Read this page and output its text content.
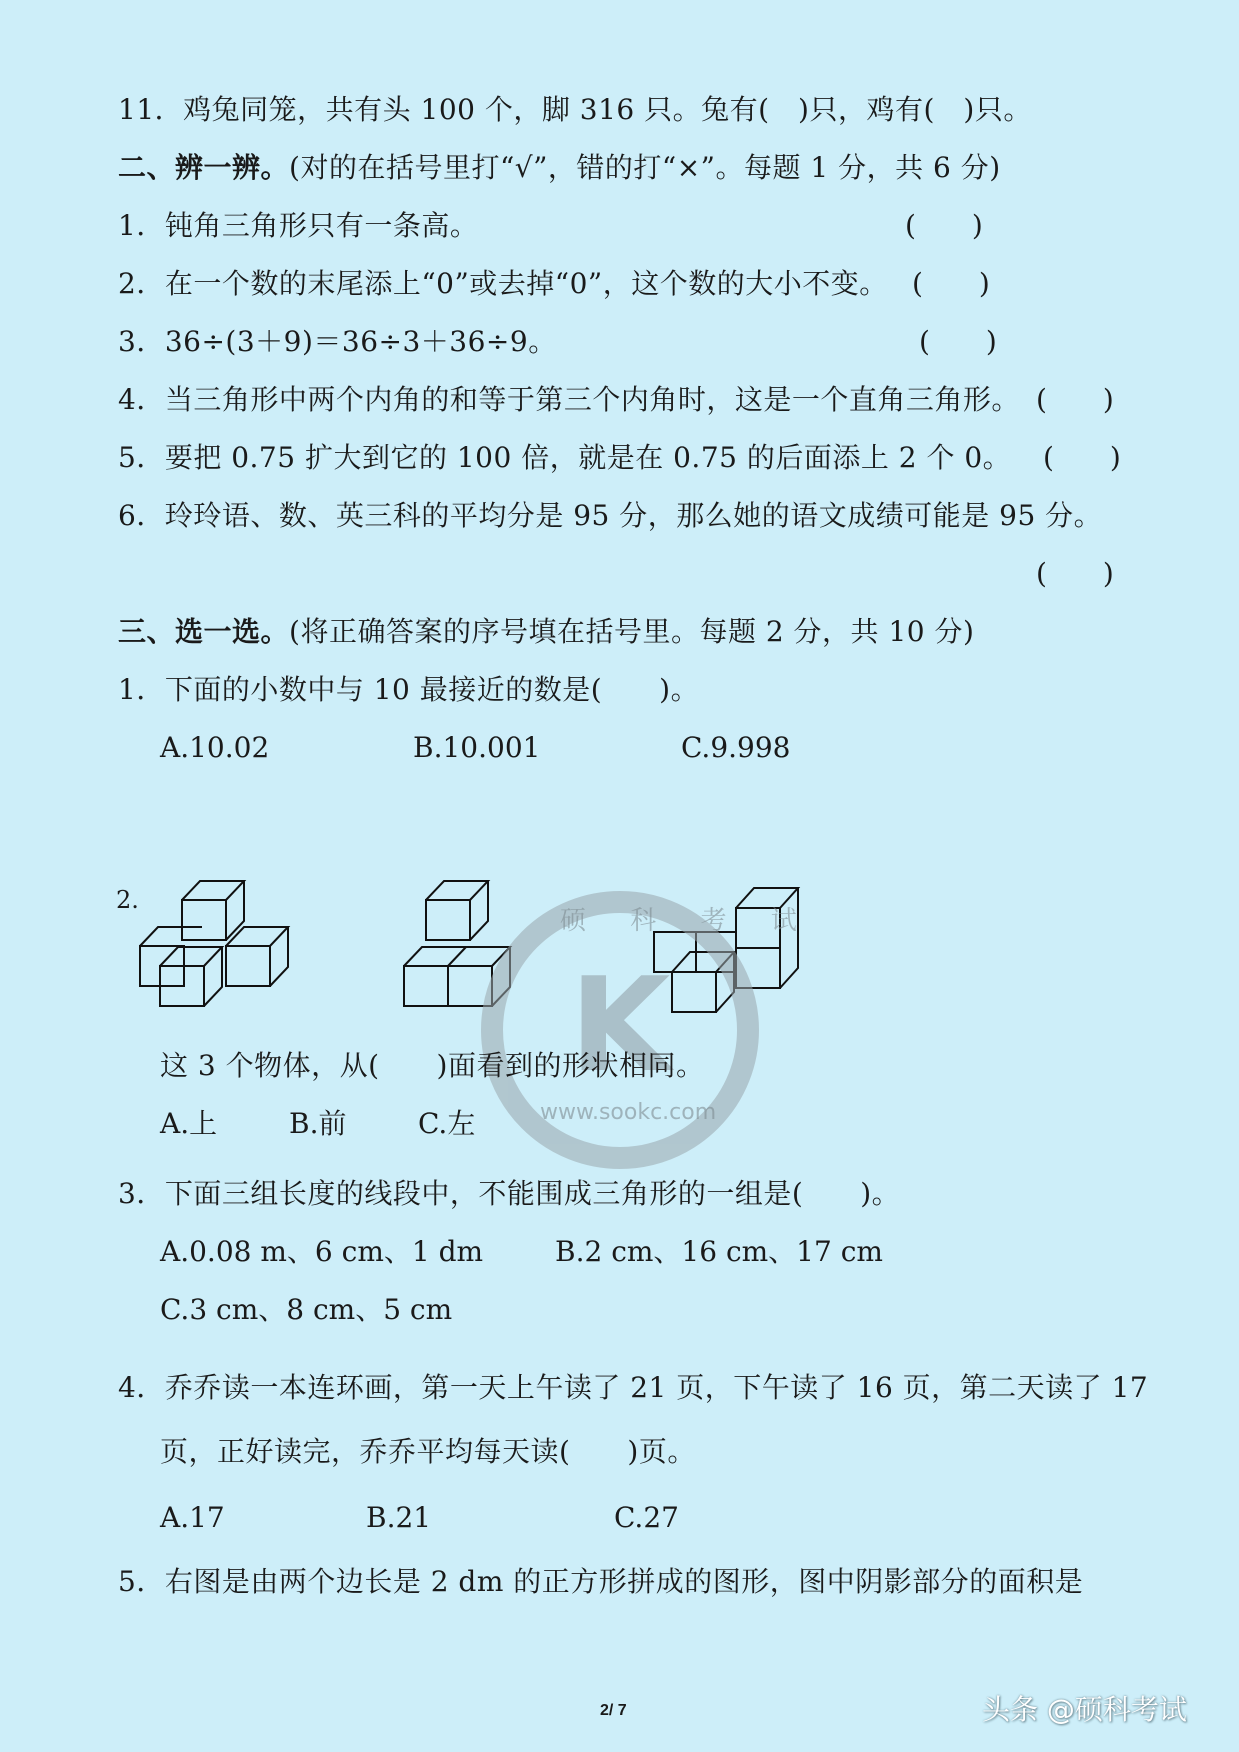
11．鸡兔同笼，共有头 100 个，脚 316 只。兔有(　)只，鸡有(　)只。
二、辨一辨。(对的在括号里打“√”，错的打“×”。每题 1 分，共 6 分)
1．钝角三角形只有一条高。	(　　)
2．在一个数的末尾添上“0”或去掉“0”，这个数的大小不变。 (　　)
3．36÷(3＋9)＝36÷3＋36÷9。	(　　)
4．当三角形中两个内角的和等于第三个内角时，这是一个直角三角形。 (　　)
5．要把 0.75 扩大到它的 100 倍，就是在 0.75 的后面添上 2 个 0。 (　　)
6．玲玲语、数、英三科的平均分是 95 分，那么她的语文成绩可能是 95 分。
(　　)
三、选一选。(将正确答案的序号填在括号里。每题 2 分，共 10 分)
1．下面的小数中与 10 最接近的数是(　　)。
A.10.02	B.10.001	C.9.998
2.
K
硕 科 考 试
www.sookc.com
这 3 个物体，从(　　)面看到的形状相同。
A.上	B.前	C.左
3．下面三组长度的线段中，不能围成三角形的一组是(　　)。
A.0.08 m、6 cm、1 dm	B.2 cm、16 cm、17 cm
C.3 cm、8 cm、5 cm
4．乔乔读一本连环画，第一天上午读了 21 页，下午读了 16 页，第二天读了 17
页，正好读完，乔乔平均每天读(　　)页。
A.17	B.21	C.27
5．右图是由两个边长是 2 dm 的正方形拼成的图形，图中阴影部分的面积是
2/ 7	头条 @硕科考试
